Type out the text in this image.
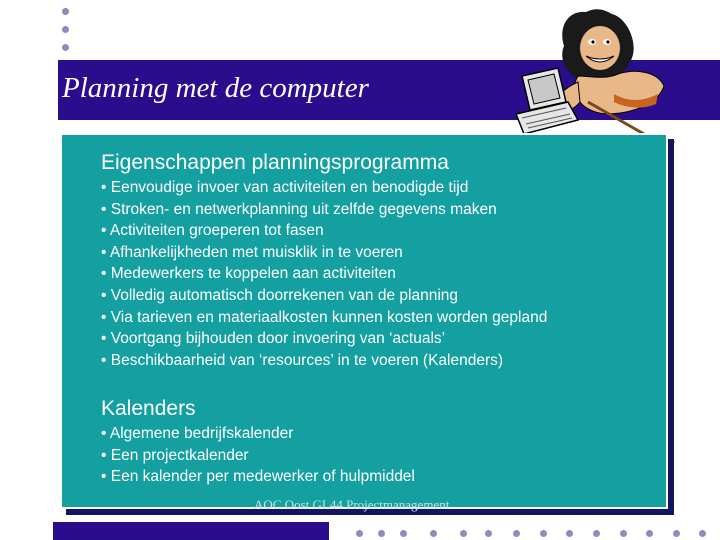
Planning met de computer
Eigenschappen planningsprogramma
• Eenvoudige invoer van activiteiten en benodigde tijd
• Stroken- en netwerkplanning uit zelfde gegevens maken
• Activiteiten groeperen tot fasen
• Afhankelijkheden met muisklik in te voeren
• Medewerkers te koppelen aan activiteiten
• Volledig automatisch doorrekenen van de planning
• Via tarieven en materiaalkosten kunnen kosten worden gepland
• Voortgang bijhouden door invoering van ‘actuals’
• Beschikbaarheid van ‘resources’ in te voeren (Kalenders)
Kalenders
• Algemene bedrijfskalender
• Een projectkalender
• Een kalender per medewerker of hulpmiddel
AOC Oost GL44 Projectmanagement
